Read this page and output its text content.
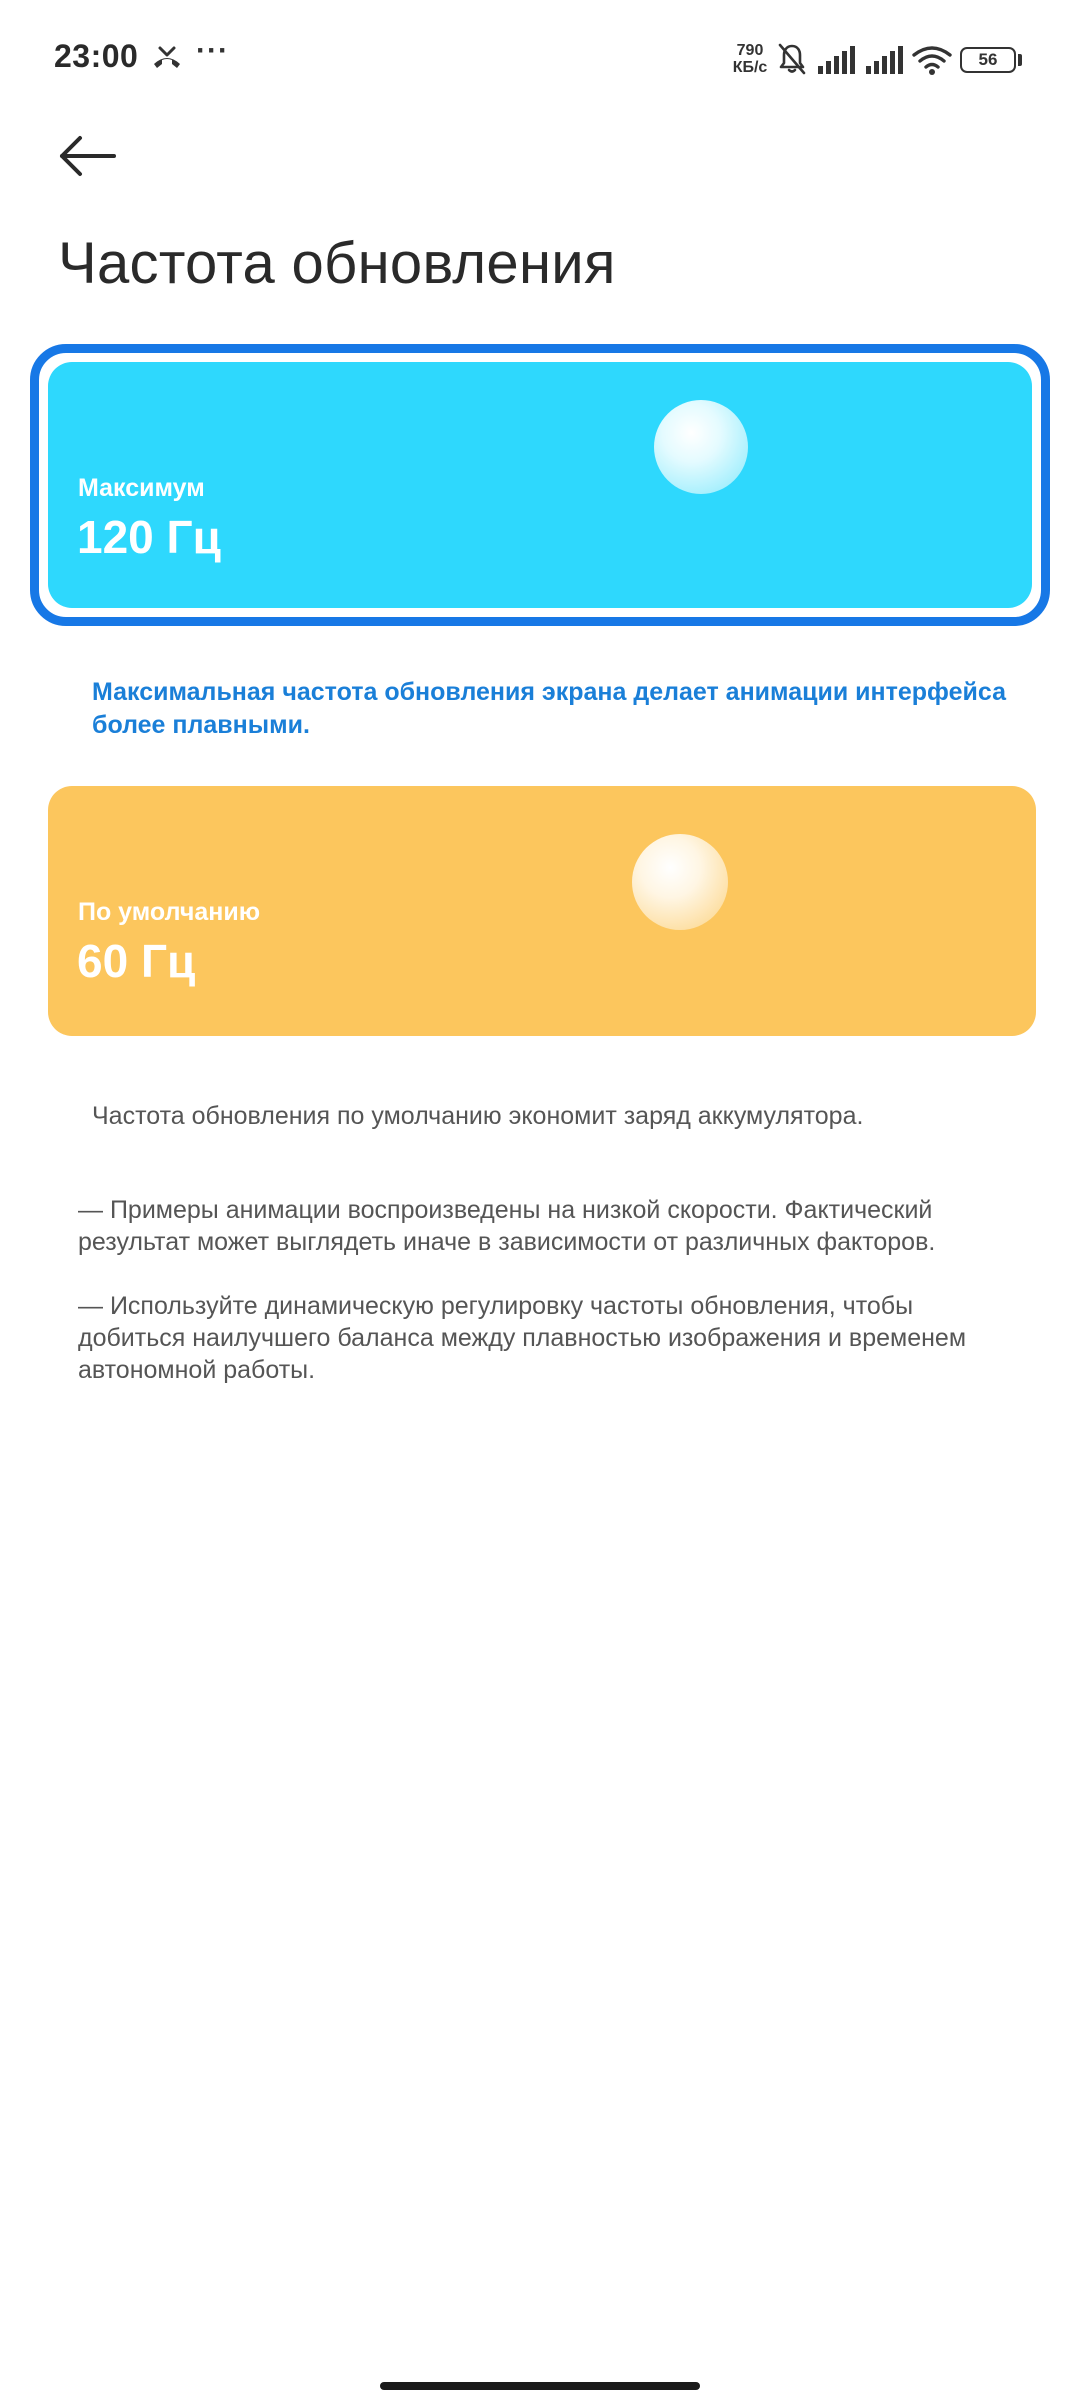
23:00 ···	790
КБ/с	56
Частота обновления
Максимум
120 Гц

Максимальная частота обновления экрана делает анимации интерфейса более плавными.

По умолчанию
60 Гц

Частота обновления по умолчанию экономит заряд аккумулятора.

— Примеры анимации воспроизведены на низкой скорости. Фактический результат может выглядеть иначе в зависимости от различных факторов.

— Используйте динамическую регулировку частоты обновления, чтобы добиться наилучшего баланса между плавностью изображения и временем автономной работы.
